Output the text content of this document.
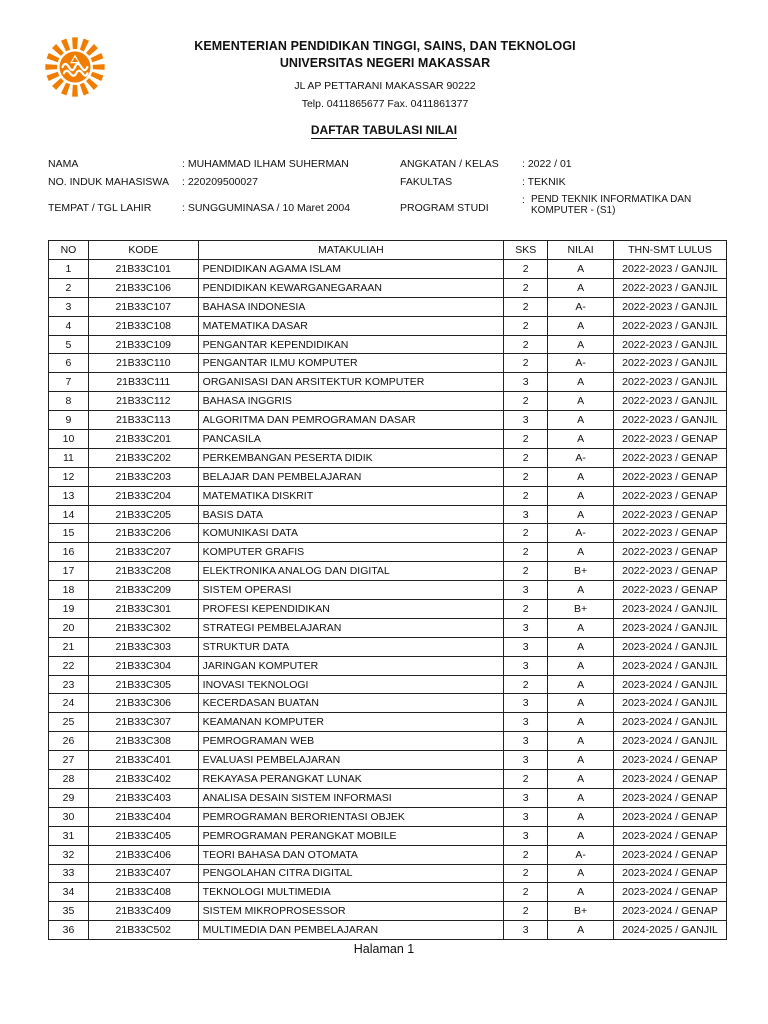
KEMENTERIAN PENDIDIKAN TINGGI, SAINS, DAN TEKNOLOGI
UNIVERSITAS NEGERI MAKASSAR
JL AP PETTARANI MAKASSAR 90222
Telp. 0411865677 Fax. 0411861377
DAFTAR TABULASI NILAI
NAMA	: MUHAMMAD ILHAM SUHERMAN	ANGKATAN / KELAS : 2022 / 01
NO. INDUK MAHASISWA : 220209500027	FAKULTAS	: TEKNIK
TEMPAT / TGL LAHIR	: SUNGGUMINASA / 10 Maret 2004	PROGRAM STUDI
: PEND TEKNIK INFORMATIKA DAN KOMPUTER - (S1)
NO	KODE	MATAKULIAH	SKS	NILAI	THN-SMT LULUS
1	21B33C101	PENDIDIKAN AGAMA ISLAM	2	A	2022-2023 / GANJIL
2	21B33C106	PENDIDIKAN KEWARGANEGARAAN	2	A	2022-2023 / GANJIL
3	21B33C107	BAHASA INDONESIA	2	A-	2022-2023 / GANJIL
4	21B33C108	MATEMATIKA DASAR	2	A	2022-2023 / GANJIL
5	21B33C109	PENGANTAR KEPENDIDIKAN	2	A	2022-2023 / GANJIL
6	21B33C110	PENGANTAR ILMU KOMPUTER	2	A-	2022-2023 / GANJIL
7	21B33C111	ORGANISASI DAN ARSITEKTUR KOMPUTER	3	A	2022-2023 / GANJIL
8	21B33C112	BAHASA INGGRIS	2	A	2022-2023 / GANJIL
9	21B33C113	ALGORITMA DAN PEMROGRAMAN DASAR	3	A	2022-2023 / GANJIL
10	21B33C201	PANCASILA	2	A	2022-2023 / GENAP
11	21B33C202	PERKEMBANGAN PESERTA DIDIK	2	A-	2022-2023 / GENAP
12	21B33C203	BELAJAR DAN PEMBELAJARAN	2	A	2022-2023 / GENAP
13	21B33C204	MATEMATIKA DISKRIT	2	A	2022-2023 / GENAP
14	21B33C205	BASIS DATA	3	A	2022-2023 / GENAP
15	21B33C206	KOMUNIKASI DATA	2	A-	2022-2023 / GENAP
16	21B33C207	KOMPUTER GRAFIS	2	A	2022-2023 / GENAP
17	21B33C208	ELEKTRONIKA ANALOG DAN DIGITAL	2	B+	2022-2023 / GENAP
18	21B33C209	SISTEM OPERASI	3	A	2022-2023 / GENAP
19	21B33C301	PROFESI KEPENDIDIKAN	2	B+	2023-2024 / GANJIL
20	21B33C302	STRATEGI PEMBELAJARAN	3	A	2023-2024 / GANJIL
21	21B33C303	STRUKTUR DATA	3	A	2023-2024 / GANJIL
22	21B33C304	JARINGAN KOMPUTER	3	A	2023-2024 / GANJIL
23	21B33C305	INOVASI TEKNOLOGI	2	A	2023-2024 / GANJIL
24	21B33C306	KECERDASAN BUATAN	3	A	2023-2024 / GANJIL
25	21B33C307	KEAMANAN KOMPUTER	3	A	2023-2024 / GANJIL
26	21B33C308	PEMROGRAMAN WEB	3	A	2023-2024 / GANJIL
27	21B33C401	EVALUASI PEMBELAJARAN	3	A	2023-2024 / GENAP
28	21B33C402	REKAYASA PERANGKAT LUNAK	2	A	2023-2024 / GENAP
29	21B33C403	ANALISA DESAIN SISTEM INFORMASI	3	A	2023-2024 / GENAP
30	21B33C404	PEMROGRAMAN BERORIENTASI OBJEK	3	A	2023-2024 / GENAP
31	21B33C405	PEMROGRAMAN PERANGKAT MOBILE	3	A	2023-2024 / GENAP
32	21B33C406	TEORI BAHASA DAN OTOMATA	2	A-	2023-2024 / GENAP
33	21B33C407	PENGOLAHAN CITRA DIGITAL	2	A	2023-2024 / GENAP
34	21B33C408	TEKNOLOGI MULTIMEDIA	2	A	2023-2024 / GENAP
35	21B33C409	SISTEM MIKROPROSESSOR	2	B+	2023-2024 / GENAP
36	21B33C502	MULTIMEDIA DAN PEMBELAJARAN	3	A	2024-2025 / GANJIL
Halaman 1
